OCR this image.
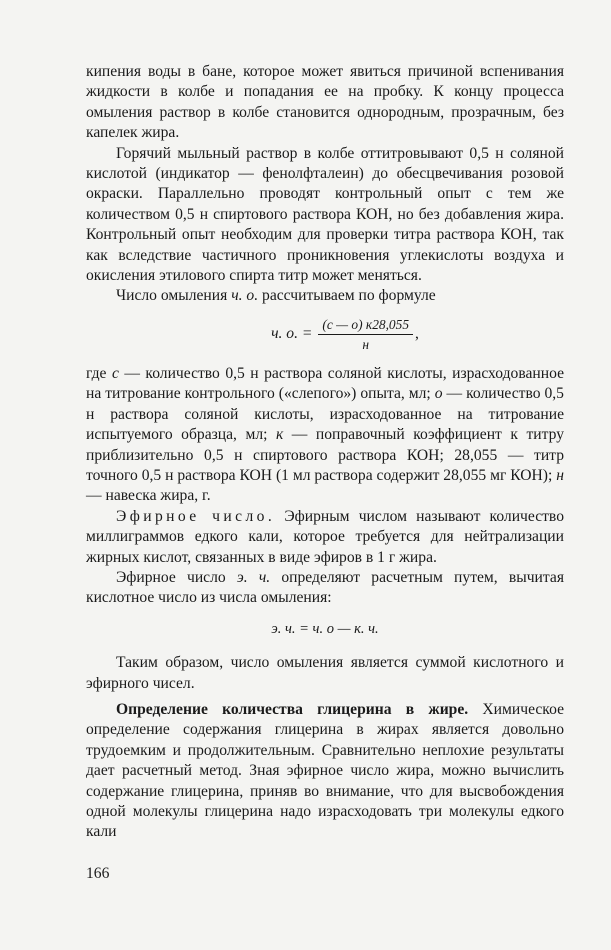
кипения воды в бане, которое может явиться причиной вспенивания жидкости в колбе и попадания ее на пробку. К концу процесса омыления раствор в колбе становится однородным, прозрачным, без капелек жира.

Горячий мыльный раствор в колбе оттитровывают 0,5 н соляной кислотой (индикатор — фенолфталеин) до обесцвечивания розовой окраски. Параллельно проводят контрольный опыт с тем же количеством 0,5 н спиртового раствора КОН, но без добавления жира. Контрольный опыт необходим для проверки титра раствора КОН, так как вследствие частичного проникновения углекислоты воздуха и окисления этилового спирта титр может меняться.

Число омыления ч. о. рассчитываем по формуле

ч. о. = $\frac{(с — о) к28,055}{н}$ ,

где с — количество 0,5 н раствора соляной кислоты, израсходованное на титрование контрольного («слепого») опыта, мл; о — количество 0,5 н раствора соляной кислоты, израсходованное на титрование испытуемого образца, мл; к — поправочный коэффициент к титру приблизительно 0,5 н спиртового раствора КОН; 28,055 — титр точного 0,5 н раствора КОН (1 мл раствора содержит 28,055 мг КОН); н — навеска жира, г.

Эфирное число. Эфирным числом называют количество миллиграммов едкого кали, которое требуется для нейтрализации жирных кислот, связанных в виде эфиров в 1 г жира.

Эфирное число э. ч. определяют расчетным путем, вычитая кислотное число из числа омыления:

э. ч. = ч. о — к. ч.

Таким образом, число омыления является суммой кислотного и эфирного чисел.

Определение количества глицерина в жире. Химическое определение содержания глицерина в жирах является довольно трудоемким и продолжительным. Сравнительно неплохие результаты дает расчетный метод. Зная эфирное число жира, можно вычислить содержание глицерина, приняв во внимание, что для высвобождения одной молекулы глицерина надо израсходовать три молекулы едкого кали

166
